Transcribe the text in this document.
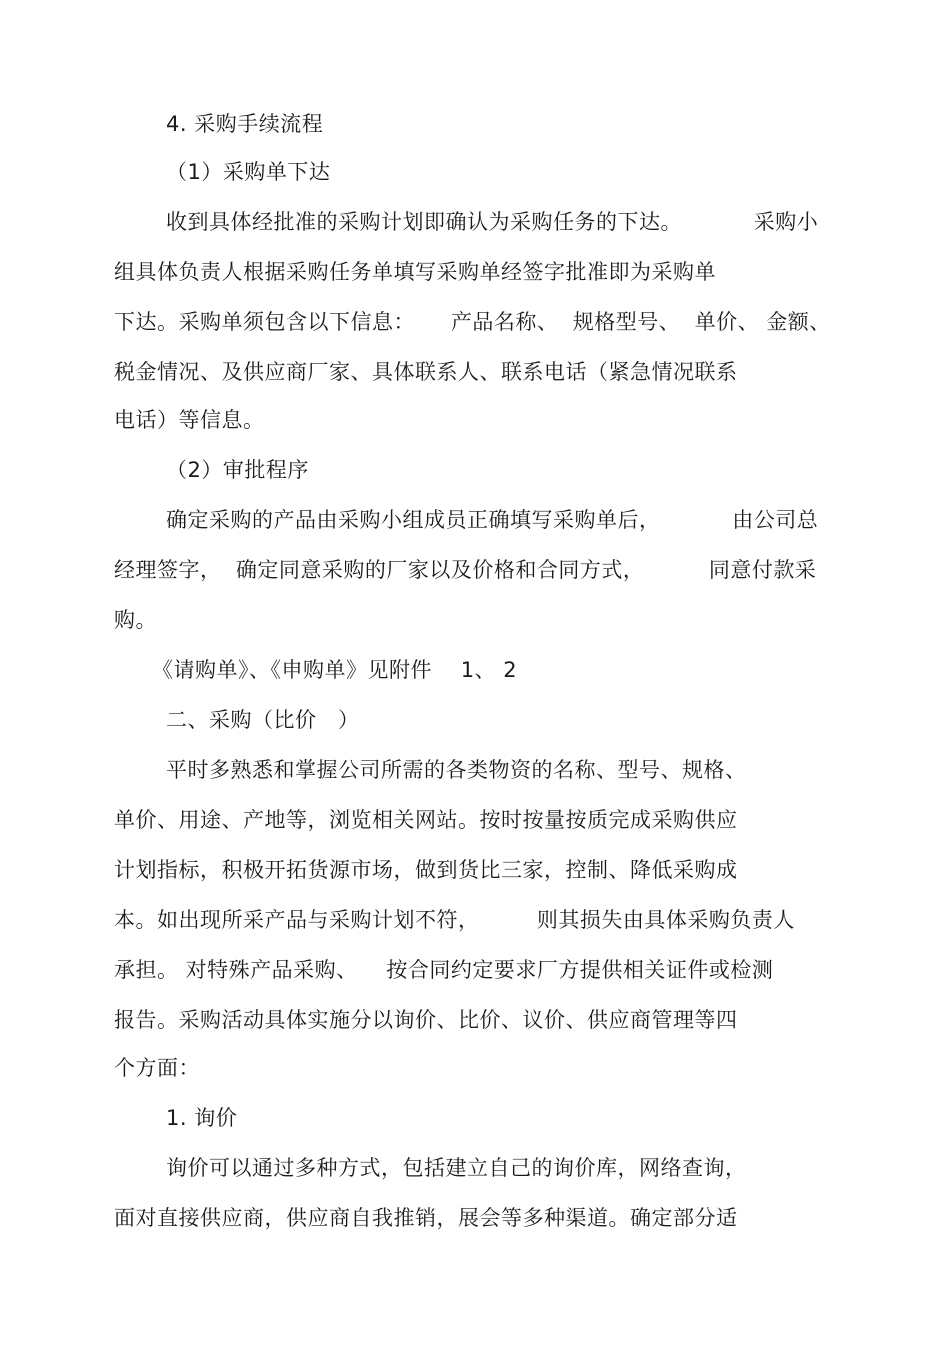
4. 采购手续流程
（1）采购单下达
收到具体经批准的采购计划即确认为采购任务的下达。          采购小
组具体负责人根据采购任务单填写采购单经签字批准即为采购单
下达。采购单须包含以下信息：     产品名称、  规格型号、  单价、 金额、
税金情况、及供应商厂家、具体联系人、联系电话（紧急情况联系
电话）等信息。
（2）审批程序
确定采购的产品由采购小组成员正确填写采购单后，          由公司总
经理签字，  确定同意采购的厂家以及价格和合同方式，         同意付款采
购。
《请购单》、《申购单》见附件    1、 2
二、采购（比价   ）
平时多熟悉和掌握公司所需的各类物资的名称、型号、规格、
单价、用途、产地等，浏览相关网站。按时按量按质完成采购供应
计划指标，积极开拓货源市场，做到货比三家，控制、降低采购成
本。如出现所采产品与采购计划不符，        则其损失由具体采购负责人
承担。 对特殊产品采购、    按合同约定要求厂方提供相关证件或检测
报告。采购活动具体实施分以询价、比价、议价、供应商管理等四
个方面：
1. 询价
询价可以通过多种方式，包括建立自己的询价库，网络查询，
面对直接供应商，供应商自我推销，展会等多种渠道。确定部分适
